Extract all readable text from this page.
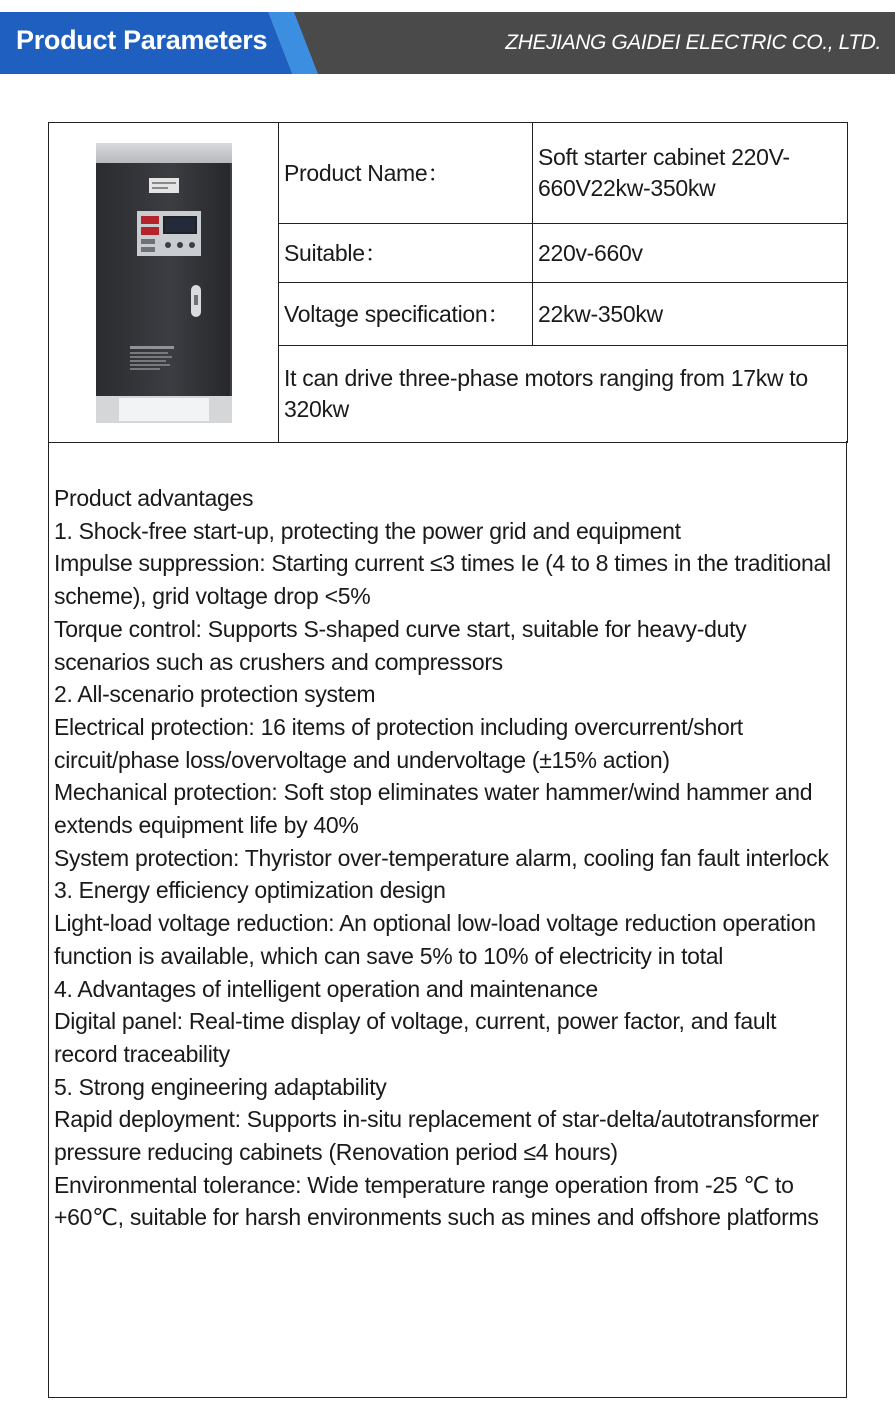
Product Parameters	ZHEJIANG GAIDEI ELECTRIC CO., LTD.
	Product Name：	Soft starter cabinet 220V-660V22kw-350kw
	Suitable：	220v-660v
	Voltage specification：	22kw-350kw
	It can drive three-phase motors ranging from 17kw to 320kw	

Product advantages

1. Shock-free start-up, protecting the power grid and equipment

Impulse suppression: Starting current ≤3 times Ie (4 to 8 times in the traditional scheme), grid voltage drop <5%

Torque control: Supports S-shaped curve start, suitable for heavy-duty scenarios such as crushers and compressors

2. All-scenario protection system

Electrical protection: 16 items of protection including overcurrent/short circuit/phase loss/overvoltage and undervoltage (±15% action)

Mechanical protection: Soft stop eliminates water hammer/wind hammer and extends equipment life by 40%

System protection: Thyristor over-temperature alarm, cooling fan fault interlock

3. Energy efficiency optimization design

Light-load voltage reduction: An optional low-load voltage reduction operation function is available, which can save 5% to 10% of electricity in total

4. Advantages of intelligent operation and maintenance

Digital panel: Real-time display of voltage, current, power factor, and fault record traceability

5. Strong engineering adaptability

Rapid deployment: Supports in-situ replacement of star-delta/autotransformer pressure reducing cabinets (Renovation period ≤4 hours)

Environmental tolerance: Wide temperature range operation from -25 ℃ to +60℃, suitable for harsh environments such as mines and offshore platforms
